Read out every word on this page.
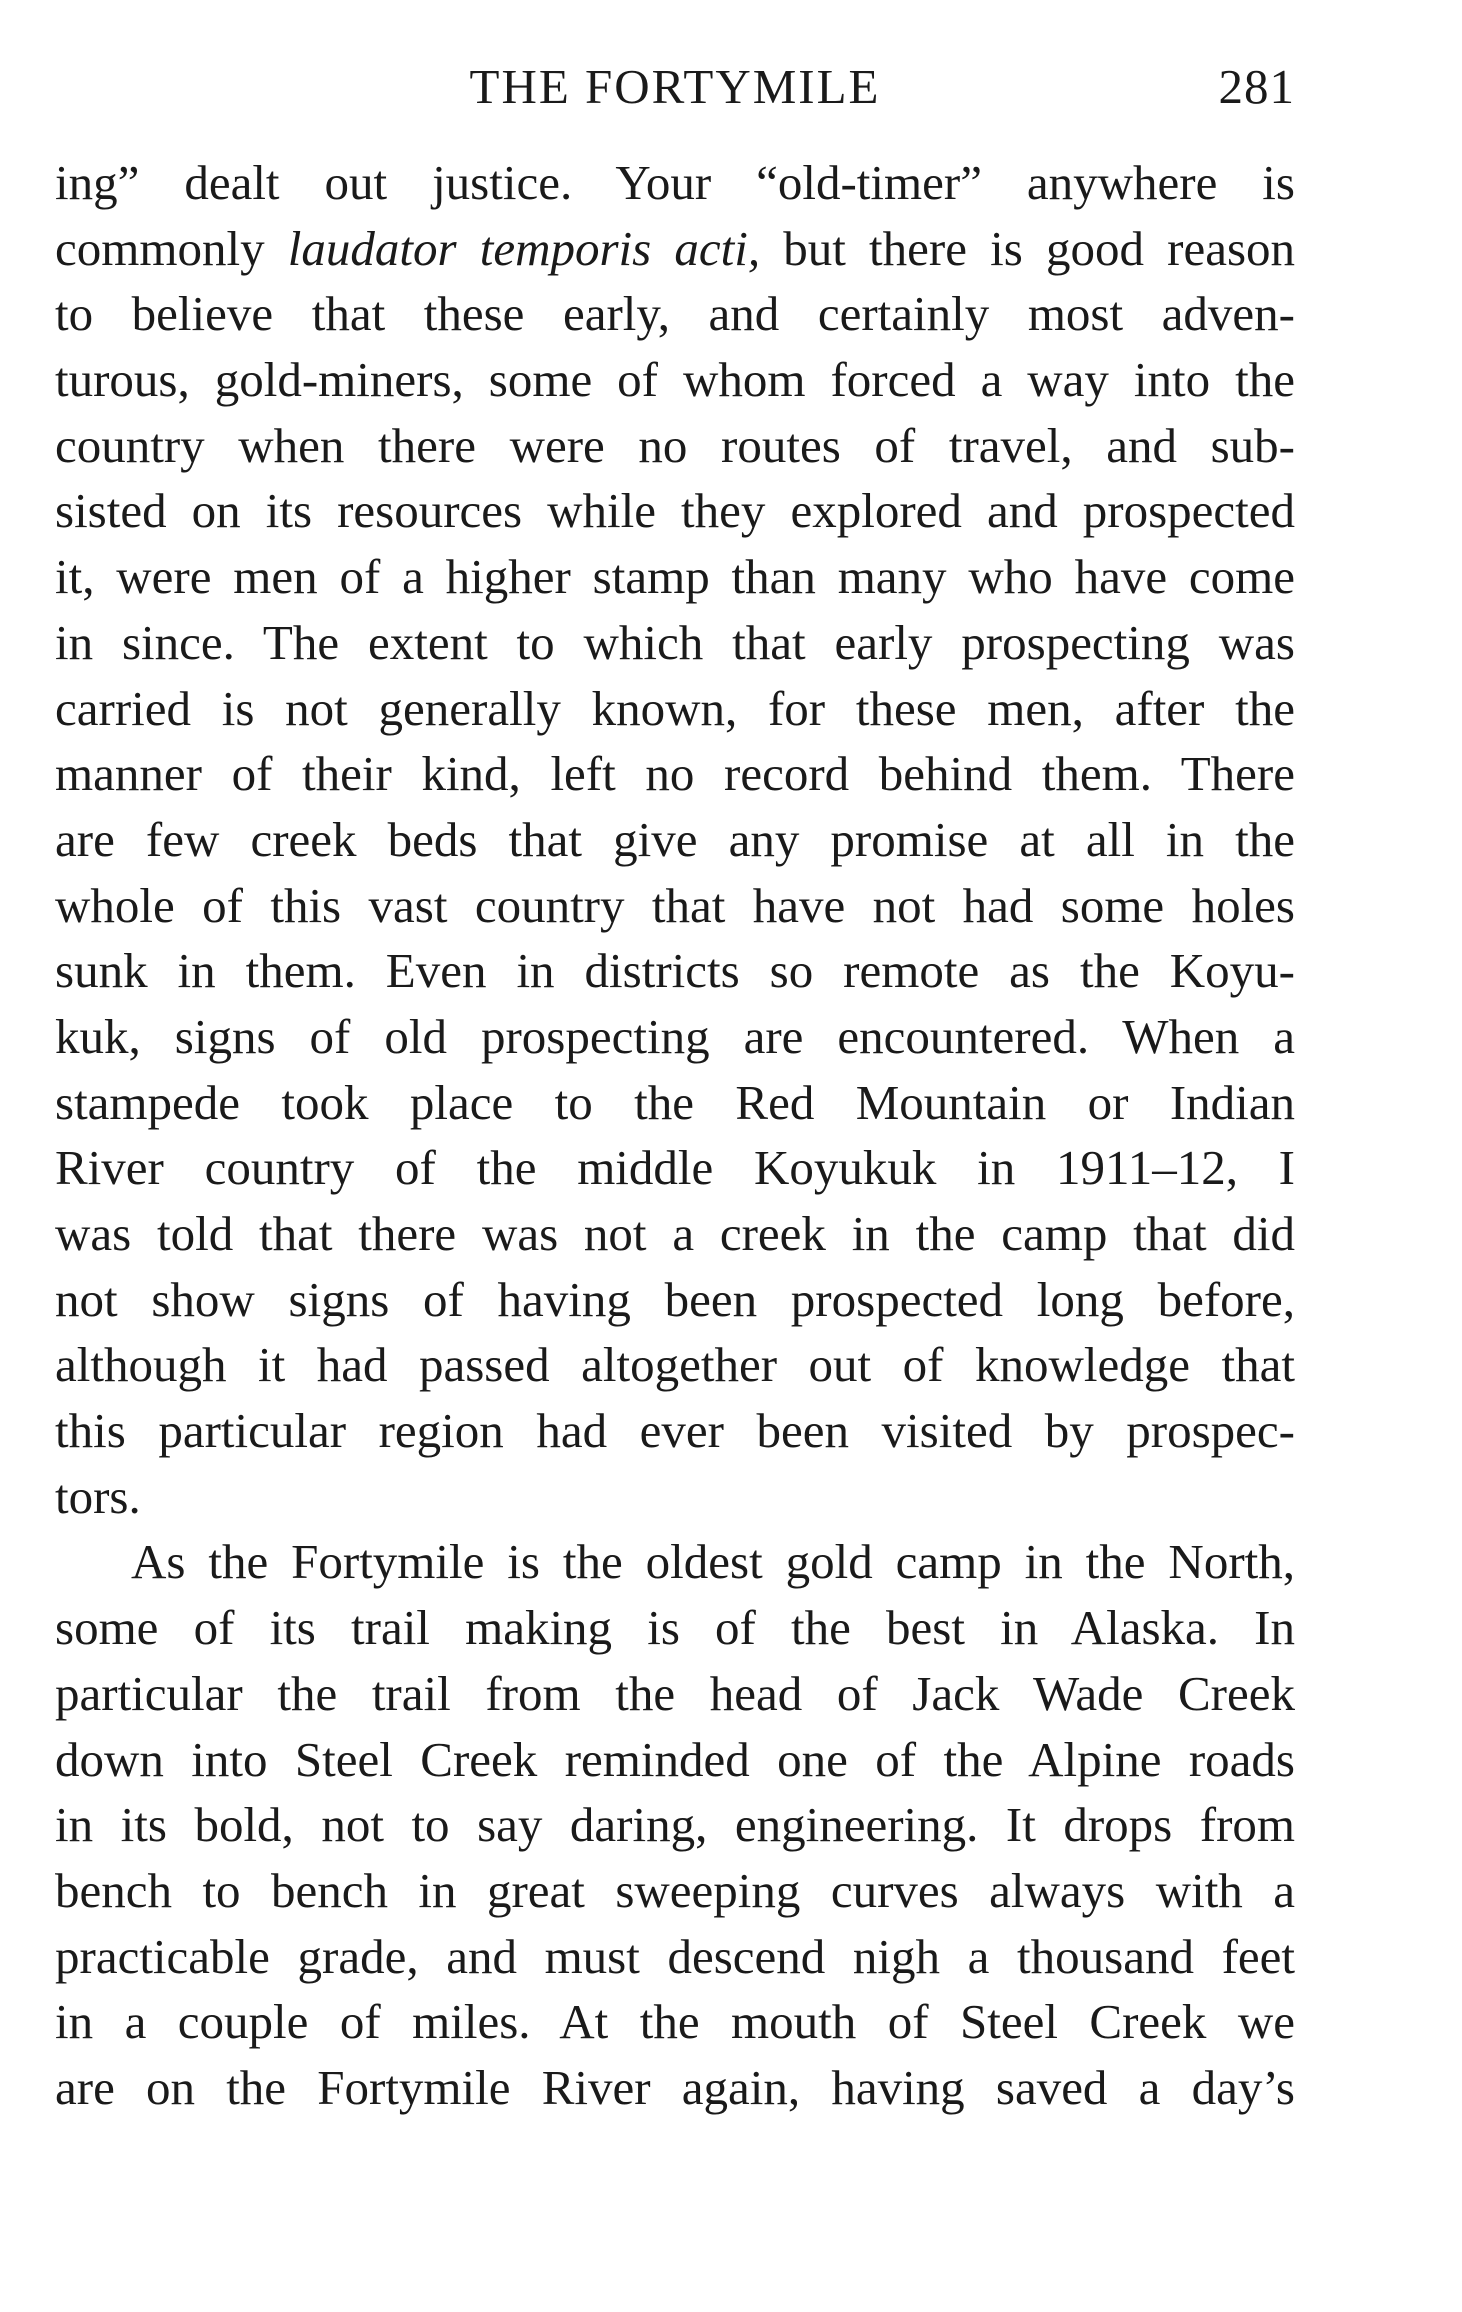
THE FORTYMILE	281
ing” dealt out justice. Your “old-timer” anywhere is
commonly laudator temporis acti, but there is good reason
to believe that these early, and certainly most adven-
turous, gold-miners, some of whom forced a way into the
country when there were no routes of travel, and sub-
sisted on its resources while they explored and prospected
it, were men of a higher stamp than many who have come
in since. The extent to which that early prospecting was
carried is not generally known, for these men, after the
manner of their kind, left no record behind them. There
are few creek beds that give any promise at all in the
whole of this vast country that have not had some holes
sunk in them. Even in districts so remote as the Koyu-
kuk, signs of old prospecting are encountered. When a
stampede took place to the Red Mountain or Indian
River country of the middle Koyukuk in 1911–12, I
was told that there was not a creek in the camp that did
not show signs of having been prospected long before,
although it had passed altogether out of knowledge that
this particular region had ever been visited by prospec-
tors.
As the Fortymile is the oldest gold camp in the North,
some of its trail making is of the best in Alaska. In
particular the trail from the head of Jack Wade Creek
down into Steel Creek reminded one of the Alpine roads
in its bold, not to say daring, engineering. It drops from
bench to bench in great sweeping curves always with a
practicable grade, and must descend nigh a thousand feet
in a couple of miles. At the mouth of Steel Creek we
are on the Fortymile River again, having saved a day’s
